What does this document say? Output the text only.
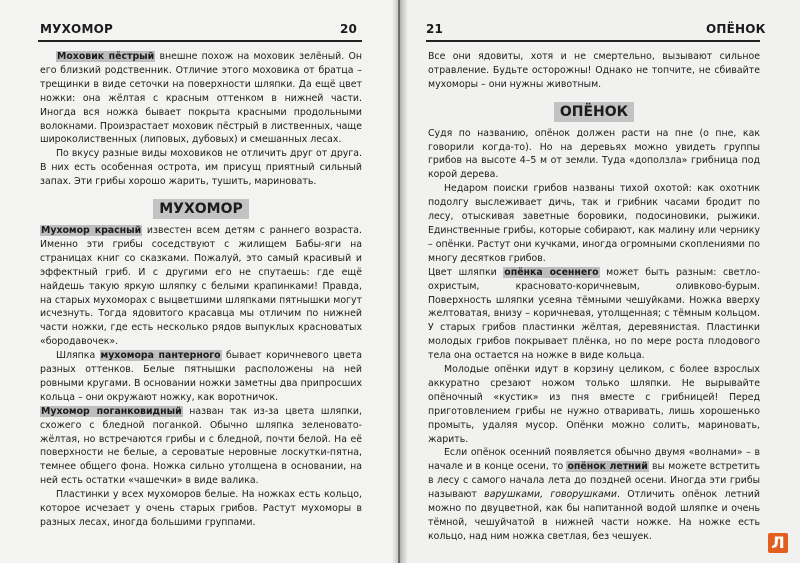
МУХОМОР	20

Моховик пёстрый внешне похож на моховик зелёный. Он его близкий родственник. Отличие этого моховика от братца – трещинки в виде сеточки на поверхности шляпки. Да ещё цвет ножки: она жёлтая с красным оттенком в нижней части. Иногда вся ножка бывает покрыта красными продольными волокнами. Произрастает моховик пёстрый в лиственных, чаще широколиственных (липовых, дубовых) и смешанных лесах.

По вкусу разные виды моховиков не отличить друг от друга. В них есть особенная острота, им присущ приятный сильный запах. Эти грибы хорошо жарить, тушить, мариновать.

МУХОМОР

Мухомор красный известен всем детям с раннего возраста. Именно эти грибы соседствуют с жилищем Бабы-яги на страницах книг со сказками. Пожалуй, это самый красивый и эффектный гриб. И с другими его не спутаешь: где ещё найдешь такую яркую шляпку с белыми крапинками! Правда, на старых мухоморах с выцветшими шляпками пятнышки могут исчезнуть. Тогда ядовитого красавца мы отличим по нижней части ножки, где есть несколько рядов выпуклых красноватых «бородавочек».

Шляпка мухомора пантерного бывает коричневого цвета разных оттенков. Белые пятнышки расположены на ней ровными кругами. В основании ножки заметны два припросших кольца – они окружают ножку, как воротничок.

Мухомор поганковидный назван так из-за цвета шляпки, схожего с бледной поганкой. Обычно шляпка зеленовато-жёлтая, но встречаются грибы и с бледной, почти белой. На её поверхности не белые, а сероватые неровные лоскутки-пятна, темнее общего фона. Ножка сильно утолщена в основании, на ней есть остатки «чашечки» в виде валика.

Пластинки у всех мухоморов белые. На ножках есть кольцо, которое исчезает у очень старых грибов. Растут мухоморы в разных лесах, иногда большими группами.

21	ОПЁНОК

Все они ядовиты, хотя и не смертельно, вызывают сильное отравление. Будьте осторожны! Однако не топчите, не сбивайте мухоморы – они нужны животным.

ОПЁНОК

Судя по названию, опёнок должен расти на пне (о пне, как говорили когда-то). Но на деревьях можно увидеть группы грибов на высоте 4–5 м от земли. Туда «доползла» грибница под корой дерева.

Недаром поиски грибов названы тихой охотой: как охотник подолгу выслеживает дичь, так и грибник часами бродит по лесу, отыскивая заветные боровики, подосиновики, рыжики. Единственные грибы, которые собирают, как малину или чернику – опёнки. Растут они кучками, иногда огромными скоплениями по многу десятков грибов.

Цвет шляпки опёнка осеннего может быть разным: светло-охристым, красновато-коричневым, оливково-бурым. Поверхность шляпки усеяна тёмными чешуйками. Ножка вверху желтоватая, внизу – коричневая, утолщенная; с тёмным кольцом. У старых грибов пластинки жёлтая, деревянистая. Пластинки молодых грибов покрывает плёнка, но по мере роста плодового тела она остается на ножке в виде кольца.

Молодые опёнки идут в корзину целиком, с более взрослых аккуратно срезают ножом только шляпки. Не вырывайте опёночный «кустик» из пня вместе с грибницей! Перед приготовлением грибы не нужно отваривать, лишь хорошенько промыть, удаляя мусор. Опёнки можно солить, мариновать, жарить.

Если опёнок осенний появляется обычно двумя «волнами» – в начале и в конце осени, то опёнок летний вы можете встретить в лесу с самого начала лета до поздней осени. Иногда эти грибы называют варушками, говорушками. Отличить опёнок летний можно по двуцветной, как бы напитанной водой шляпке и очень тёмной, чешуйчатой в нижней части ножке. На ножке есть кольцо, над ним ножка светлая, без чешуек.	Л
